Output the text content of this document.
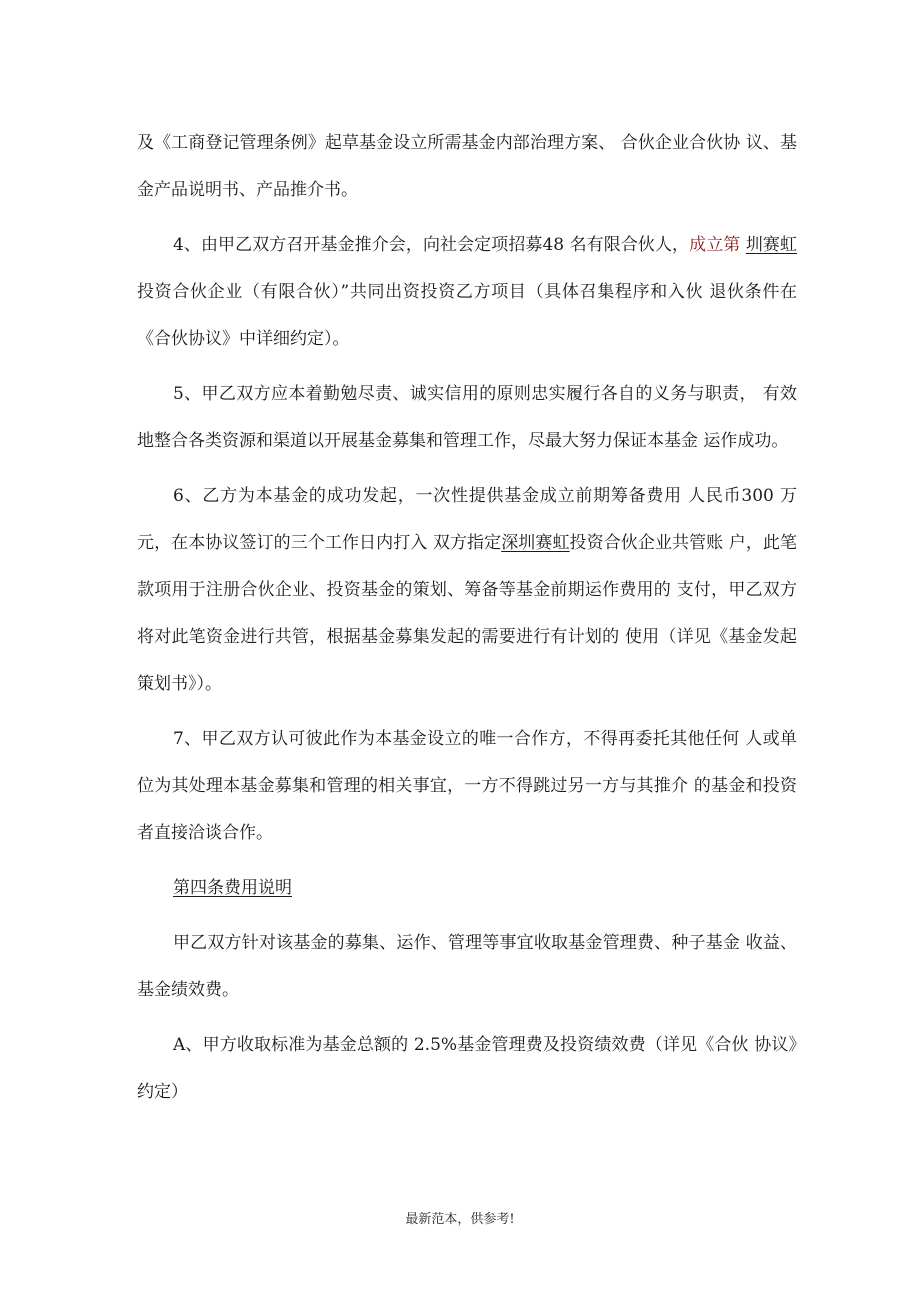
及《工商登记管理条例》起草基金设立所需基金内部治理方案、 合伙企业合伙协 议、基金产品说明书、产品推介书。

4、由甲乙双方召开基金推介会，向社会定项招募48 名有限合伙人，成立第 圳赛虹投资合伙企业（有限合伙）”共同出资投资乙方项目（具体召集程序和入伙 退伙条件在《合伙协议》中详细约定）。

5、甲乙双方应本着勤勉尽责、诚实信用的原则忠实履行各自的义务与职责， 有效地整合各类资源和渠道以开展基金募集和管理工作，尽最大努力保证本基金 运作成功。

6、乙方为本基金的成功发起，一次性提供基金成立前期筹备费用 人民币300 万元，在本协议签订的三个工作日内打入 双方指定深圳赛虹投资合伙企业共管账 户，此笔款项用于注册合伙企业、投资基金的策划、筹备等基金前期运作费用的 支付，甲乙双方将对此笔资金进行共管，根据基金募集发起的需要进行有计划的 使用（详见《基金发起策划书》）。

7、甲乙双方认可彼此作为本基金设立的唯一合作方，不得再委托其他任何 人或单位为其处理本基金募集和管理的相关事宜，一方不得跳过另一方与其推介 的基金和投资者直接洽谈合作。

第四条费用说明

甲乙双方针对该基金的募集、运作、管理等事宜收取基金管理费、种子基金 收益、基金绩效费。

A、甲方收取标准为基金总额的 2.5%基金管理费及投资绩效费（详见《合伙 协议》约定）

最新范本，供参考!
